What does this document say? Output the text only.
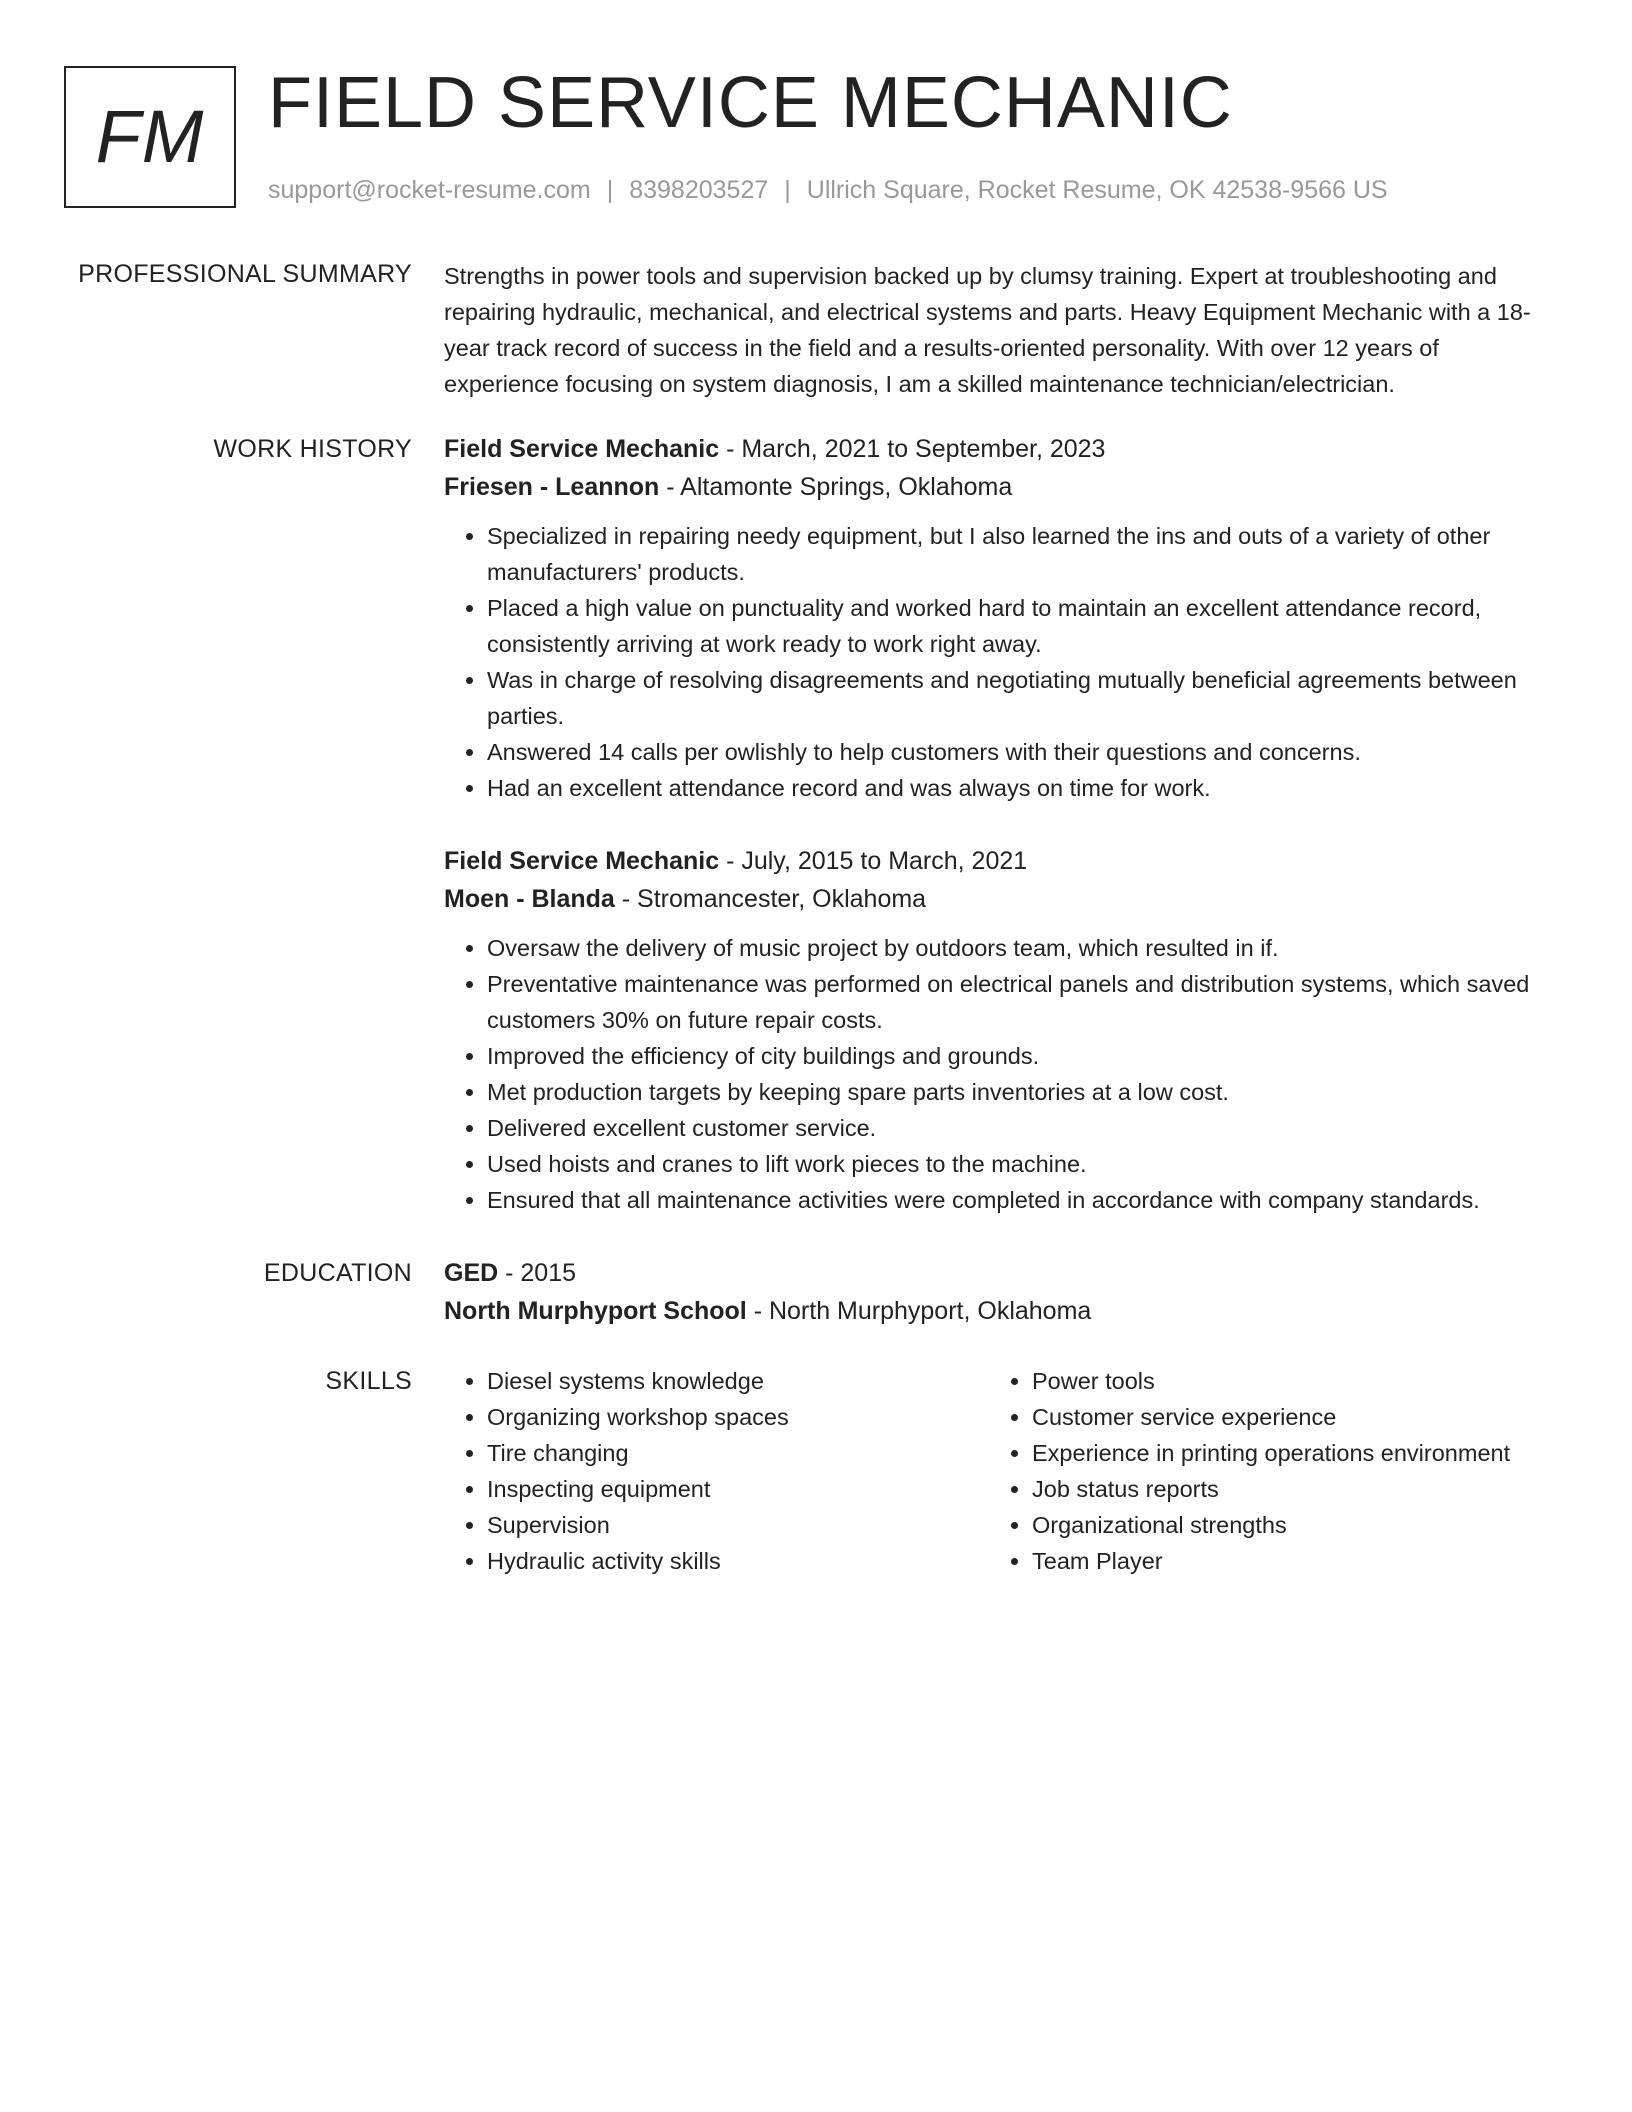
FM FIELD SERVICE MECHANIC
support@rocket-resume.com | 8398203527 | Ullrich Square, Rocket Resume, OK 42538-9566 US
PROFESSIONAL SUMMARY Strengths in power tools and supervision backed up by clumsy training. Expert at troubleshooting and repairing hydraulic, mechanical, and electrical systems and parts. Heavy Equipment Mechanic with a 18-year track record of success in the field and a results-oriented personality. With over 12 years of experience focusing on system diagnosis, I am a skilled maintenance technician/electrician.

WORK HISTORY Field Service Mechanic - March, 2021 to September, 2023

Friesen - Leannon - Altamonte Springs, Oklahoma

• Specialized in repairing needy equipment, but I also learned the ins and outs of a variety of other manufacturers' products.
• Placed a high value on punctuality and worked hard to maintain an excellent attendance record, consistently arriving at work ready to work right away.
• Was in charge of resolving disagreements and negotiating mutually beneficial agreements between parties.
• Answered 14 calls per owlishly to help customers with their questions and concerns.
• Had an excellent attendance record and was always on time for work.

Field Service Mechanic - July, 2015 to March, 2021

Moen - Blanda - Stromancester, Oklahoma

• Oversaw the delivery of music project by outdoors team, which resulted in if.
• Preventative maintenance was performed on electrical panels and distribution systems, which saved customers 30% on future repair costs.
• Improved the efficiency of city buildings and grounds.
• Met production targets by keeping spare parts inventories at a low cost.
• Delivered excellent customer service.
• Used hoists and cranes to lift work pieces to the machine.
• Ensured that all maintenance activities were completed in accordance with company standards.
EDUCATION GED - 2015

North Murphyport School - North Murphyport, Oklahoma

SKILLS
•	Diesel systems knowledge
• Organizing workshop spaces
• Tire changing
• Inspecting equipment
• Supervision
• Hydraulic activity skills
• Power tools
• Customer service experience
• Experience in printing operations environment
• Job status reports
• Organizational strengths
• Team Player
